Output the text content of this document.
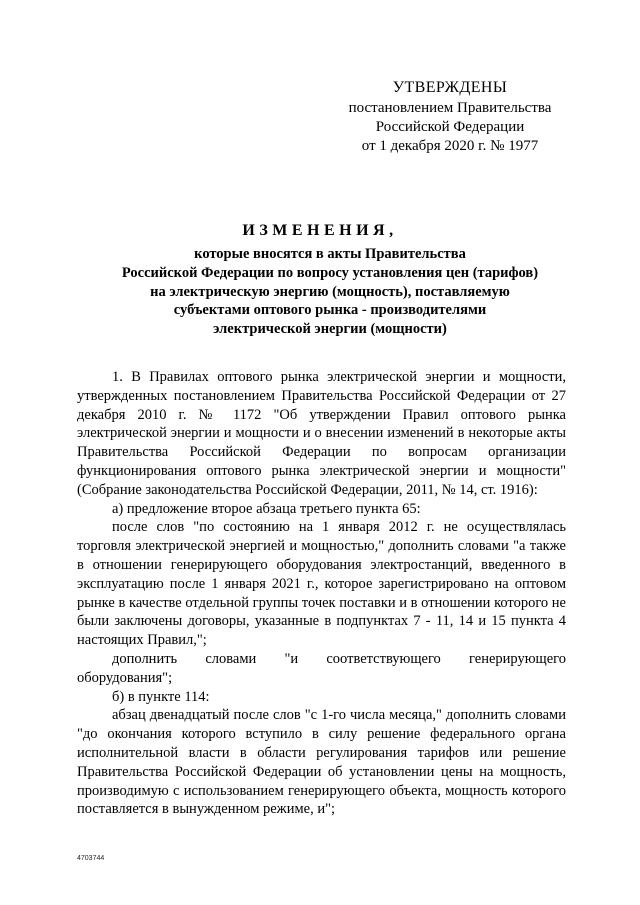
УТВЕРЖДЕНЫ
постановлением Правительства
Российской Федерации
от 1 декабря 2020 г. № 1977
ИЗМЕНЕНИЯ,
которые вносятся в акты Правительства
Российской Федерации по вопросу установления цен (тарифов)
на электрическую энергию (мощность), поставляемую
субъектами оптового рынка - производителями
электрической энергии (мощности)

1. В Правилах оптового рынка электрической энергии и мощности, утвержденных постановлением Правительства Российской Федерации от 27 декабря 2010 г. № 1172 "Об утверждении Правил оптового рынка электрической энергии и мощности и о внесении изменений в некоторые акты Правительства Российской Федерации по вопросам организации функционирования оптового рынка электрической энергии и мощности" (Собрание законодательства Российской Федерации, 2011, № 14, ст. 1916):

а) предложение второе абзаца третьего пункта 65:

после слов "по состоянию на 1 января 2012 г. не осуществлялась торговля электрической энергией и мощностью," дополнить словами "а также в отношении генерирующего оборудования электростанций, введенного в эксплуатацию после 1 января 2021 г., которое зарегистрировано на оптовом рынке в качестве отдельной группы точек поставки и в отношении которого не были заключены договоры, указанные в подпунктах 7 - 11, 14 и 15 пункта 4 настоящих Правил,";

дополнить словами "и соответствующего генерирующего оборудования";

б) в пункте 114:

абзац двенадцатый после слов "с 1-го числа месяца," дополнить словами "до окончания которого вступило в силу решение федерального органа исполнительной власти в области регулирования тарифов или решение Правительства Российской Федерации об установлении цены на мощность, производимую с использованием генерирующего объекта, мощность которого поставляется в вынужденном режиме, и";

4703744
